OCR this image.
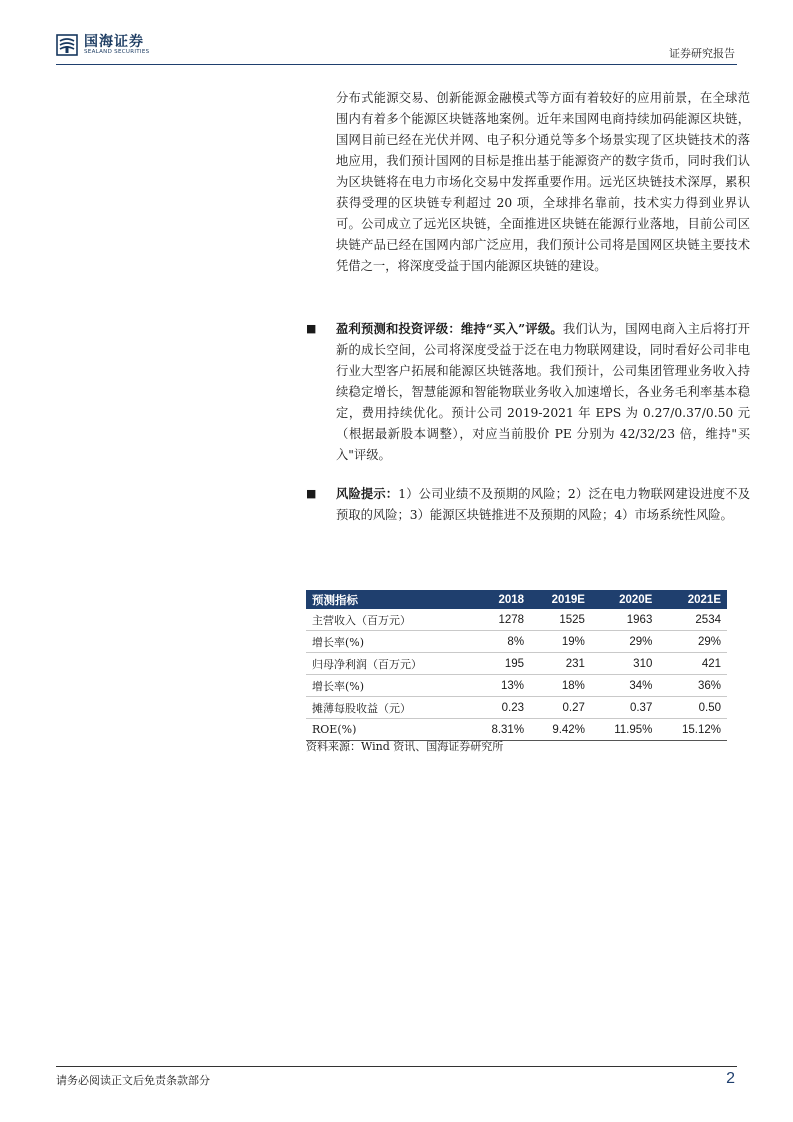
国海证券
SEALAND SECURITIES	证券研究报告
分布式能源交易、创新能源金融模式等方面有着较好的应用前景，在全球范围内有着多个能源区块链落地案例。近年来国网电商持续加码能源区块链，国网目前已经在光伏并网、电子积分通兑等多个场景实现了区块链技术的落地应用，我们预计国网的目标是推出基于能源资产的数字货币，同时我们认为区块链将在电力市场化交易中发挥重要作用。远光区块链技术深厚，累积获得受理的区块链专利超过 20 项，全球排名靠前，技术实力得到业界认可。公司成立了远光区块链，全面推进区块链在能源行业落地，目前公司区块链产品已经在国网内部广泛应用，我们预计公司将是国网区块链主要技术凭借之一，将深度受益于国内能源区块链的建设。
■ 盈利预测和投资评级：维持“买入”评级。我们认为，国网电商入主后将打开新的成长空间，公司将深度受益于泛在电力物联网建设，同时看好公司非电行业大型客户拓展和能源区块链落地。我们预计，公司集团管理业务收入持续稳定增长，智慧能源和智能物联业务收入加速增长，各业务毛利率基本稳定，费用持续优化。预计公司 2019-2021 年 EPS 为 0.27/0.37/0.50 元（根据最新股本调整），对应当前股价 PE 分别为 42/32/23 倍，维持"买入"评级。
■ 风险提示：1）公司业绩不及预期的风险；2）泛在电力物联网建设进度不及预取的风险；3）能源区块链推进不及预期的风险；4）市场系统性风险。
预测指标	2018	2019E	2020E	2021E
主营收入（百万元）	1278	1525	1963	2534
增长率(%)	8%	19%	29%	29%
归母净利润（百万元）	195	231	310	421
增长率(%)	13%	18%	34%	36%
摊薄每股收益（元）	0.23	0.27	0.37	0.50
ROE(%)	8.31%	9.42%	11.95%	15.12%
资料来源：Wind 资讯、国海证券研究所
请务必阅读正文后免责条款部分	2
